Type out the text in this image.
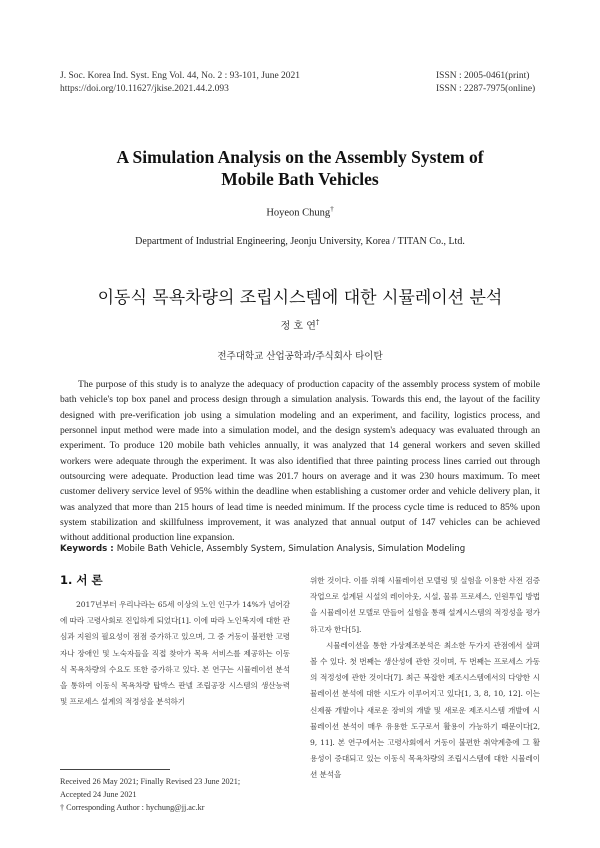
J. Soc. Korea Ind. Syst. Eng Vol. 44, No. 2 : 93-101, June 2021
https://doi.org/10.11627/jkise.2021.44.2.093
ISSN : 2005-0461(print)
ISSN : 2287-7975(online)
A Simulation Analysis on the Assembly System of
Mobile Bath Vehicles
Hoyeon Chung†
Department of Industrial Engineering, Jeonju University, Korea / TITAN Co., Ltd.
이동식 목욕차량의 조립시스템에 대한 시뮬레이션 분석
정 호 연†
전주대학교 산업공학과/주식회사 타이탄
The purpose of this study is to analyze the adequacy of production capacity of the assembly process system of mobile bath vehicle's top box panel and process design through a simulation analysis. Towards this end, the layout of the facility designed with pre-verification job using a simulation modeling and an experiment, and facility, logistics process, and personnel input method were made into a simulation model, and the design system's adequacy was evaluated through an experiment. To produce 120 mobile bath vehicles annually, it was analyzed that 14 general workers and seven skilled workers were adequate through the experiment. It was also identified that three painting process lines carried out through outsourcing were adequate. Production lead time was 201.7 hours on average and it was 230 hours maximum. To meet customer delivery service level of 95% within the deadline when establishing a customer order and vehicle delivery plan, it was analyzed that more than 215 hours of lead time is needed minimum. If the process cycle time is reduced to 85% upon system stabilization and skillfulness improvement, it was analyzed that annual output of 147 vehicles can be achieved without additional production line expansion.
Keywords : Mobile Bath Vehicle, Assembly System, Simulation Analysis, Simulation Modeling
1. 서 론

2017년부터 우리나라는 65세 이상의 노인 인구가 14%가 넘어감에 따라 고령사회로 진입하게 되었다[1]. 이에 따라 노인복지에 대한 관심과 지원의 필요성이 점점 증가하고 있으며, 그 중 거동이 불편한 고령자나 장애인 및 노숙자들을 직접 찾아가 목욕 서비스를 제공하는 이동식 목욕차량의 수요도 또한 증가하고 있다. 본 연구는 시뮬레이션 분석을 통하여 이동식 목욕차량 탑박스 판넬 조립공장 시스템의 생산능력 및 프로세스 설계의 적정성을 분석하기

Received 26 May 2021; Finally Revised 23 June 2021;
Accepted 24 June 2021
† Corresponding Author : hychung@jj.ac.kr

위한 것이다. 이를 위해 시뮬레이션 모델링 및 실험을 이용한 사전 검증작업으로 설계된 시설의 레이아웃, 시설, 물류 프로세스, 인원투입 방법을 시뮬레이션 모델로 만들어 실험을 통해 설계시스템의 적정성을 평가하고자 한다[5].

시뮬레이션을 통한 가상제조분석은 최소한 두가지 관점에서 살펴볼 수 있다. 첫 번째는 생산성에 관한 것이며, 두 번째는 프로세스 가동의 적정성에 관한 것이다[7]. 최근 복잡한 제조시스템에서의 다양한 시뮬레이션 분석에 대한 시도가 이루어지고 있다[1, 3, 8, 10, 12]. 이는 신제품 개발이나 새로운 장비의 개발 및 새로운 제조시스템 개발에 시뮬레이션 분석이 매우 유용한 도구로서 활용이 가능하기 때문이다[2, 9, 11]. 본 연구에서는 고령사회에서 거동이 불편한 취약계층에 그 활용성이 증대되고 있는 이동식 목욕차량의 조립시스템에 대한 시뮬레이션 분석을
